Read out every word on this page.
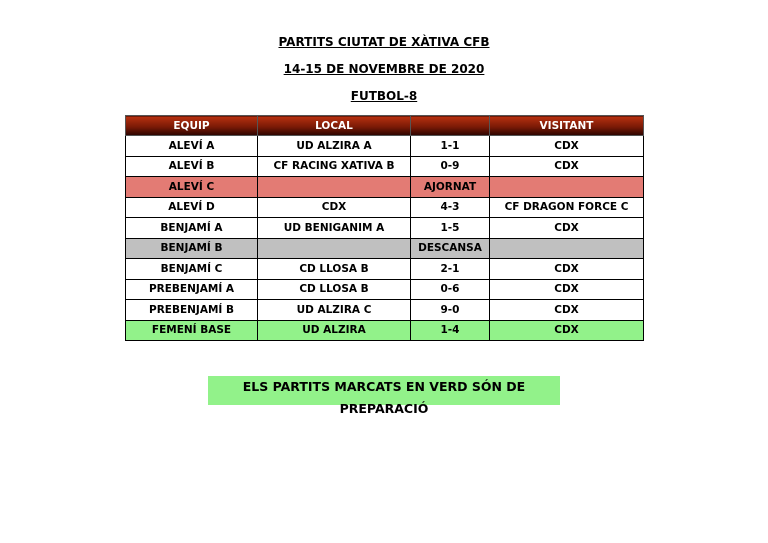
PARTITS CIUTAT DE XÀTIVA CFB
14-15 DE NOVEMBRE DE 2020
FUTBOL-8
EQUIP	LOCAL		VISITANT
ALEVÍ A	UD ALZIRA A	1-1	CDX
ALEVÍ B	CF RACING XATIVA B	0-9	CDX
ALEVÍ C		AJORNAT	
ALEVÍ D	CDX	4-3	CF DRAGON FORCE C
BENJAMÍ A	UD BENIGANIM A	1-5	CDX
BENJAMÍ B		DESCANSA	
BENJAMÍ C	CD LLOSA B	2-1	CDX
PREBENJAMÍ A	CD LLOSA B	0-6	CDX
PREBENJAMÍ B	UD ALZIRA C	9-0	CDX
FEMENÍ BASE	UD ALZIRA	1-4	CDX
ELS PARTITS MARCATS EN VERD SÓN DE PREPARACIÓ
